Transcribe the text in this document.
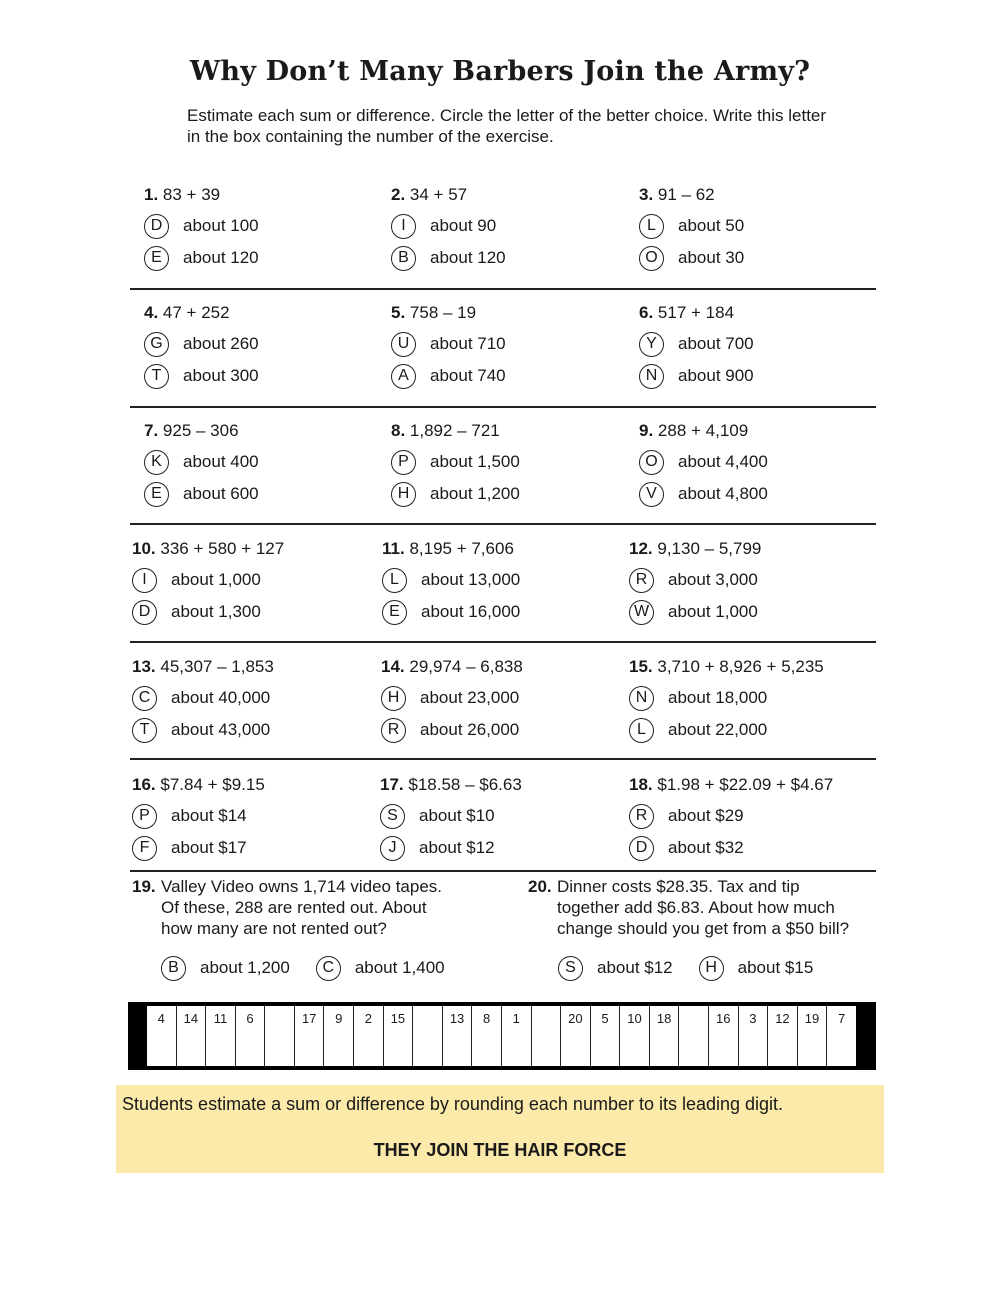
Why Don’t Many Barbers Join the Army?
Estimate each sum or difference. Circle the letter of the better choice. Write this letter in the box containing the number of the exercise.
1. 83 + 39
D	about 100
E	about 120
2. 34 + 57
I	about 90
B	about 120
3. 91 – 62
L	about 50
O	about 30
4. 47 + 252
G	about 260
T	about 300
5. 758 – 19
U	about 710
A	about 740
6. 517 + 184
Y	about 700
N	about 900
7. 925 – 306
K	about 400
E	about 600
8. 1,892 – 721
P	about 1,500
H	about 1,200
9. 288 + 4,109
O	about 4,400
V	about 4,800
10. 336 + 580 + 127
I	about 1,000
D	about 1,300
11. 8,195 + 7,606
L	about 13,000
E	about 16,000
12. 9,130 – 5,799
R	about 3,000
W about 1,000
13. 45,307 – 1,853
C	about 40,000
T	about 43,000
14. 29,974 – 6,838
H	about 23,000
R	about 26,000
15. 3,710 + 8,926 + 5,235
N	about 18,000
L	about 22,000
16. $7.84 + $9.15
P	about $14
F	about $17
17. $18.58 – $6.63
S	about $10
J	about $12
18. $1.98 + $22.09 + $4.67
R	about $29
D	about $32
19. Valley Video owns 1,714 video tapes.
Of these, 288 are rented out. About
how many are not rented out?
B	about 1,200	C	about 1,400
20. Dinner costs $28.35. Tax and tip
together add $6.83. About how much
change should you get from a $50 bill?
S	about $12	H	about $15
4	14	11	6	17	9	2	15	13	8	1	20	5	10	18	16	3	12	19	7
Students estimate a sum or difference by rounding each number to its leading digit.
THEY JOIN THE HAIR FORCE
